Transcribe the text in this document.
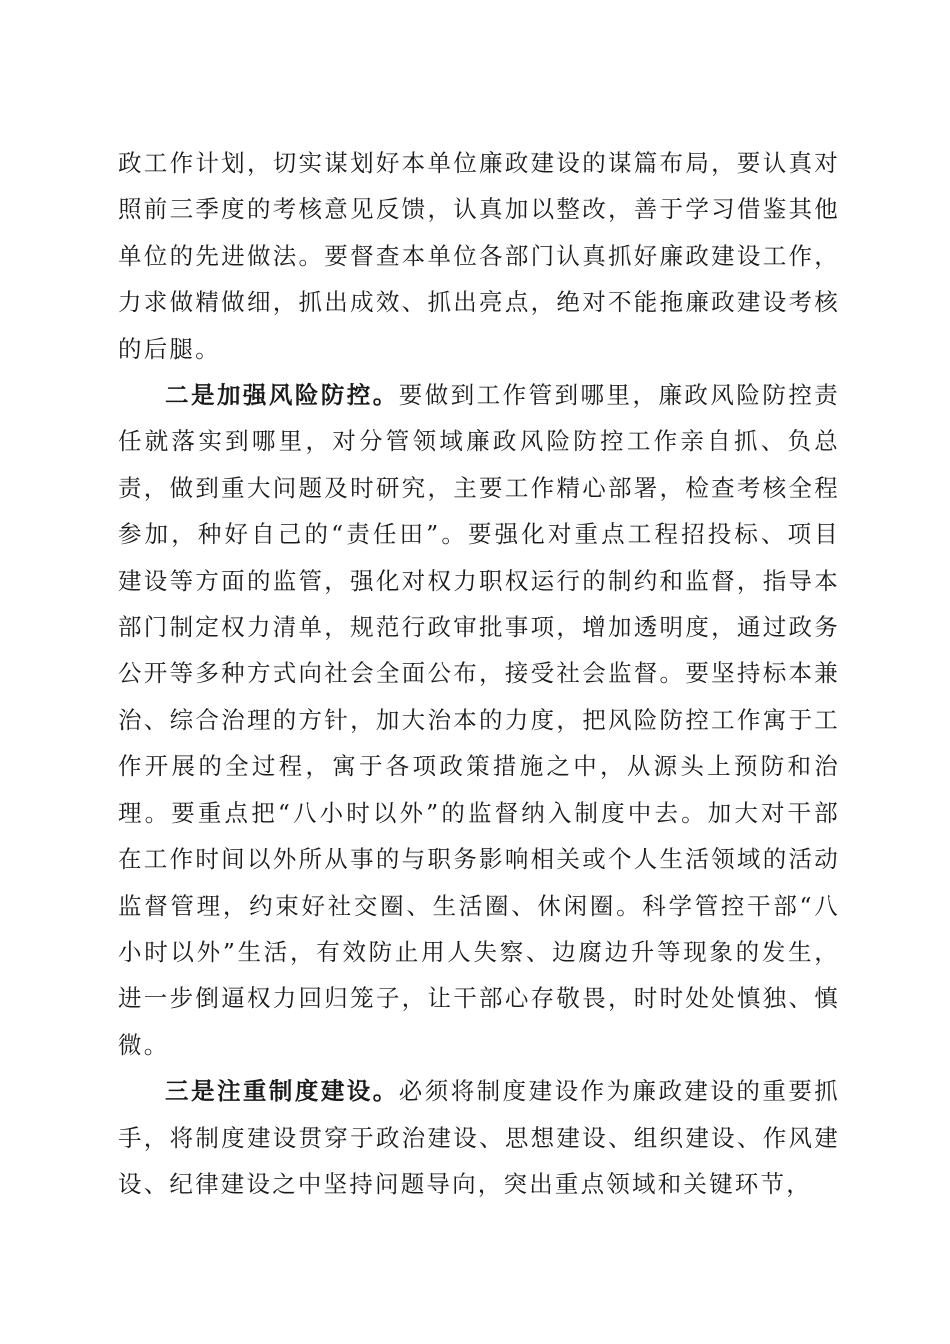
政工作计划，切实谋划好本单位廉政建设的谋篇布局，要认真对照前三季度的考核意见反馈，认真加以整改，善于学习借鉴其他单位的先进做法。要督查本单位各部门认真抓好廉政建设工作，力求做精做细，抓出成效、抓出亮点，绝对不能拖廉政建设考核的后腿。

二是加强风险防控。要做到工作管到哪里，廉政风险防控责任就落实到哪里，对分管领域廉政风险防控工作亲自抓、负总责，做到重大问题及时研究，主要工作精心部署，检查考核全程参加，种好自己的“责任田”。要强化对重点工程招投标、项目建设等方面的监管，强化对权力职权运行的制约和监督，指导本部门制定权力清单，规范行政审批事项，增加透明度，通过政务公开等多种方式向社会全面公布，接受社会监督。要坚持标本兼治、综合治理的方针，加大治本的力度，把风险防控工作寓于工作开展的全过程，寓于各项政策措施之中，从源头上预防和治理。要重点把“八小时以外”的监督纳入制度中去。加大对干部在工作时间以外所从事的与职务影响相关或个人生活领域的活动监督管理，约束好社交圈、生活圈、休闲圈。科学管控干部“八小时以外”生活，有效防止用人失察、边腐边升等现象的发生，进一步倒逼权力回归笼子，让干部心存敬畏，时时处处慎独、慎微。

三是注重制度建设。必须将制度建设作为廉政建设的重要抓手，将制度建设贯穿于政治建设、思想建设、组织建设、作风建设、纪律建设之中坚持问题导向，突出重点领域和关键环节，
